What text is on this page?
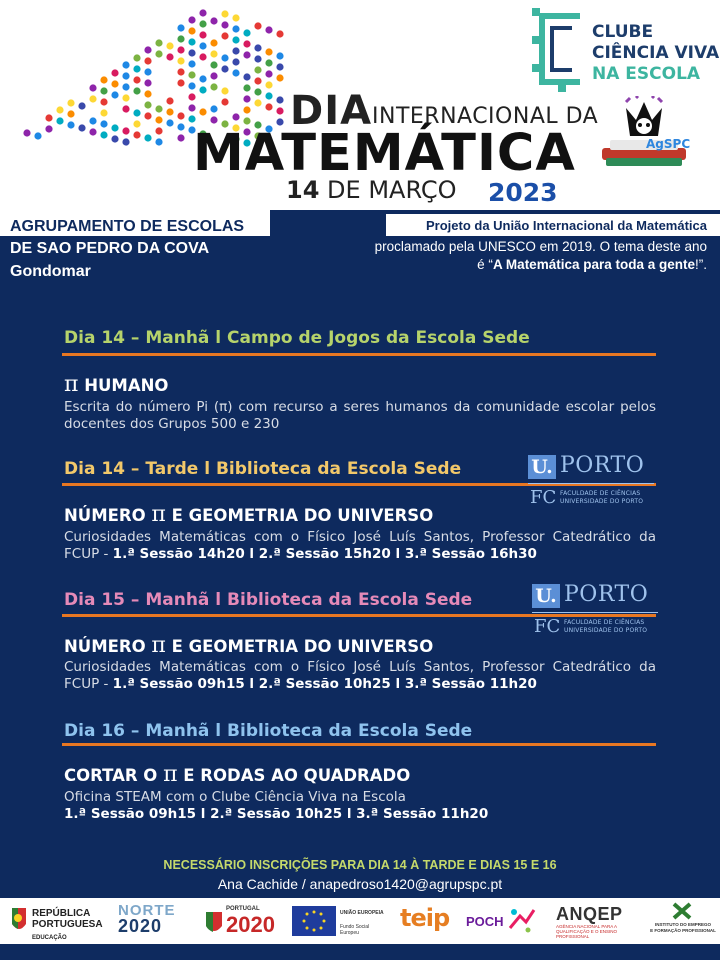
DIA INTERNACIONAL DA
MATEMÁTICA
14 DE MARÇO 2023
CLUBE
CIÊNCIA VIVA
NA ESCOLA
AgSPC
AGRUPAMENTO DE ESCOLAS
DE SAO PEDRO DA COVA
Gondomar
Projeto da União Internacional da Matemática
proclamado pela UNESCO em 2019. O tema deste ano é “A Matemática para toda a gente!”.
Dia 14 – Manhã l Campo de Jogos da Escola Sede
π HUMANO
Escrita do número Pi (π) com recurso a seres humanos da comunidade escolar pelos docentes dos Grupos 500 e 230
Dia 14 – Tarde l Biblioteca da Escola Sede	U. PORTO
FC FACULDADE DE CIÊNCIAS
UNIVERSIDADE DO PORTO
NÚMERO π E GEOMETRIA DO UNIVERSO
Curiosidades Matemáticas com o Físico José Luís Santos, Professor Catedrático da FCUP - 1.ª Sessão 14h20 l 2.ª Sessão 15h20 l 3.ª Sessão 16h30
Dia 15 – Manhã l Biblioteca da Escola Sede	U. PORTO
FC FACULDADE DE CIÊNCIAS
UNIVERSIDADE DO PORTO
NÚMERO π E GEOMETRIA DO UNIVERSO
Curiosidades Matemáticas com o Físico José Luís Santos, Professor Catedrático da FCUP - 1.ª Sessão 09h15 l 2.ª Sessão 10h25 l 3.ª Sessão 11h20
Dia 16 – Manhã l Biblioteca da Escola Sede
CORTAR O π E RODAS AO QUADRADO
Oficina STEAM com o Clube Ciência Viva na Escola
1.ª Sessão 09h15 l 2.ª Sessão 10h25 l 3.ª Sessão 11h20
NECESSÁRIO INSCRIÇÕES PARA DIA 14 À TARDE E DIAS 15 E 16
Ana Cachide / anapedroso1420@agrupspc.pt
REPÚBLICA
PORTUGUESA
EDUCAÇÃO
NORTE
2020
PORTUGAL
2020	UNIÃO EUROPEIA
Fundo Social Europeu
teip POCH	ANQEP
AGÊNCIA NACIONAL PARA A QUALIFICAÇÃO E O ENSINO PROFISSIONAL
INSTITUTO DO EMPREGO
E FORMAÇÃO PROFISSIONAL
